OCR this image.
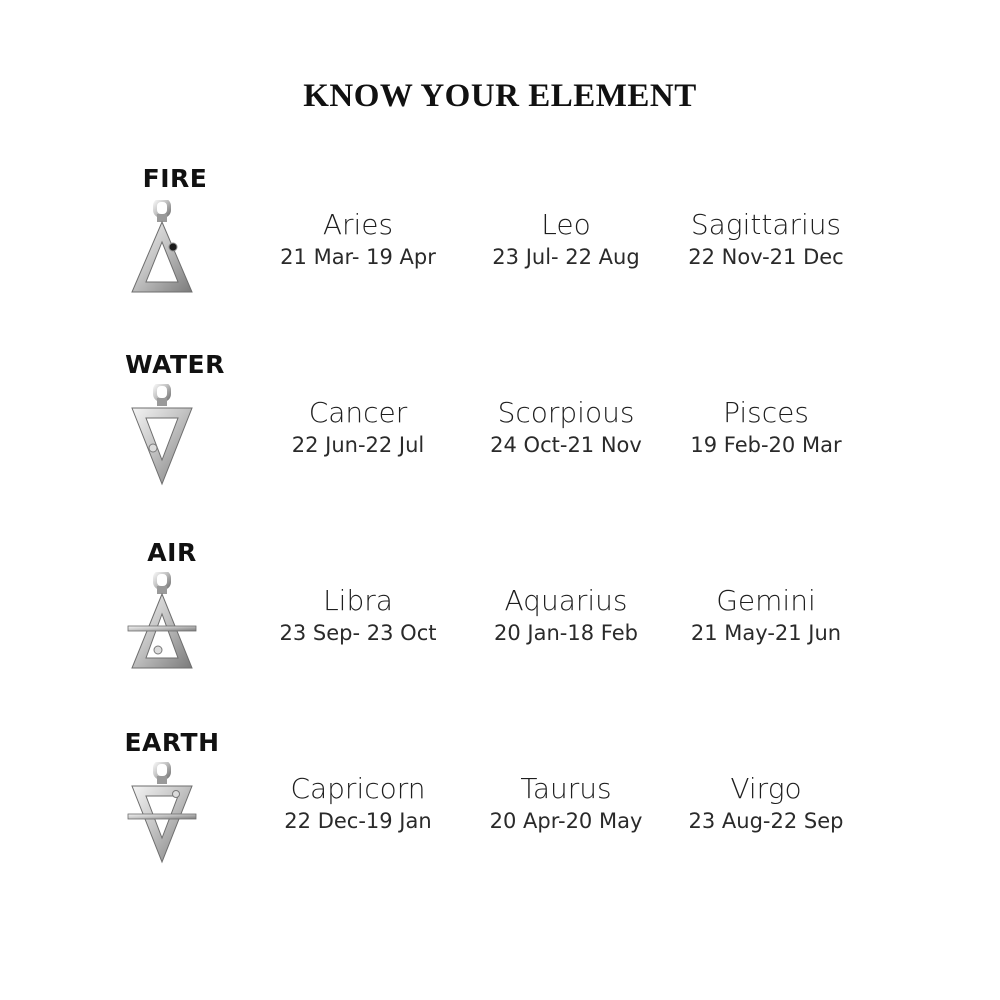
KNOW YOUR ELEMENT
FIRE
Aries
21 Mar- 19 Apr
Leo
23 Jul- 22 Aug
Sagittarius
22 Nov-21 Dec
WATER
Cancer
22 Jun-22 Jul
Scorpious
24 Oct-21 Nov
Pisces
19 Feb-20 Mar
AIR
Libra
23 Sep- 23 Oct
Aquarius
20 Jan-18 Feb
Gemini
21 May-21 Jun
EARTH
Capricorn
22 Dec-19 Jan
Taurus
20 Apr-20 May
Virgo
23 Aug-22 Sep
